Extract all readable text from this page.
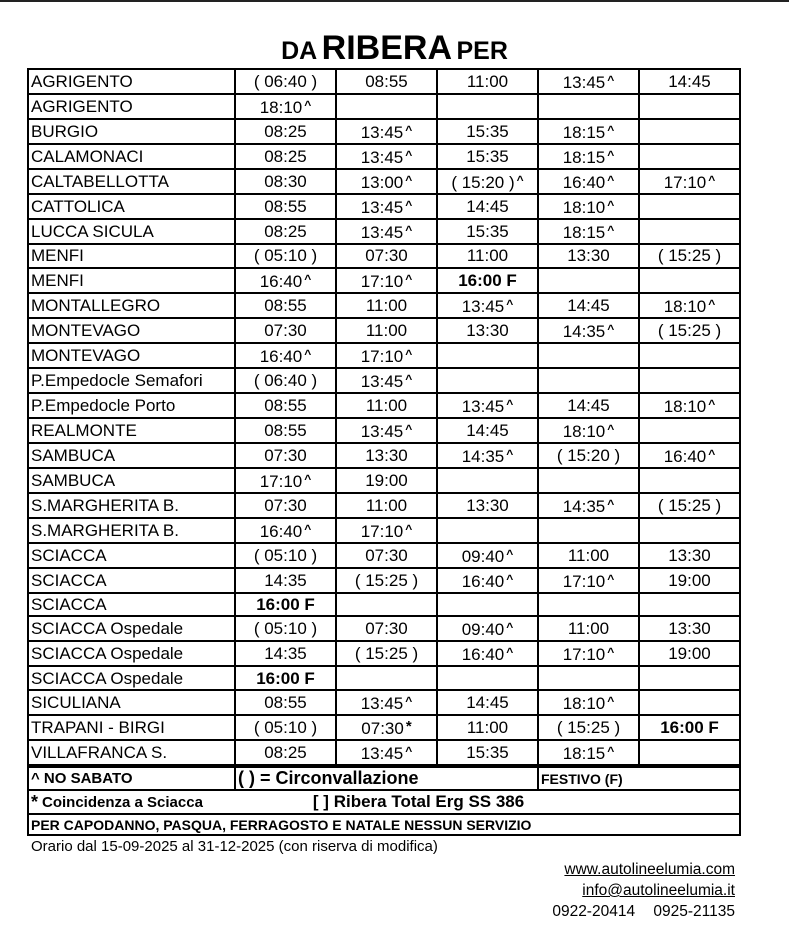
DA RIBERA PER
AGRIGENTO	( 06:40 )	08:55	11:00	13:45 ^	14:45
AGRIGENTO	18:10 ^				
BURGIO	08:25	13:45 ^	15:35	18:15 ^	
CALAMONACI	08:25	13:45 ^	15:35	18:15 ^	
CALTABELLOTTA	08:30	13:00 ^	( 15:20 ) ^	16:40 ^	17:10 ^
CATTOLICA	08:55	13:45 ^	14:45	18:10 ^	
LUCCA SICULA	08:25	13:45 ^	15:35	18:15 ^	
MENFI	( 05:10 )	07:30	11:00	13:30	( 15:25 )
MENFI	16:40 ^	17:10 ^	16:00 F		
MONTALLEGRO	08:55	11:00	13:45 ^	14:45	18:10 ^
MONTEVAGO	07:30	11:00	13:30	14:35 ^	( 15:25 )
MONTEVAGO	16:40 ^	17:10 ^			
P.Empedocle Semafori	( 06:40 )	13:45 ^			
P.Empedocle Porto	08:55	11:00	13:45 ^	14:45	18:10 ^
REALMONTE	08:55	13:45 ^	14:45	18:10 ^	
SAMBUCA	07:30	13:30	14:35 ^	( 15:20 )	16:40 ^
SAMBUCA	17:10 ^	19:00			
S.MARGHERITA B.	07:30	11:00	13:30	14:35 ^	( 15:25 )
S.MARGHERITA B.	16:40 ^	17:10 ^			
SCIACCA	( 05:10 )	07:30	09:40 ^	11:00	13:30
SCIACCA	14:35	( 15:25 )	16:40 ^	17:10 ^	19:00
SCIACCA	16:00 F				
SCIACCA Ospedale	( 05:10 )	07:30	09:40 ^	11:00	13:30
SCIACCA Ospedale	14:35	( 15:25 )	16:40 ^	17:10 ^	19:00
SCIACCA Ospedale	16:00 F				
SICULIANA	08:55	13:45 ^	14:45	18:10 ^	
TRAPANI - BIRGI	( 05:10 )	07:30 *	11:00	( 15:25 )	16:00 F
VILLAFRANCA S.	08:25	13:45 ^	15:35	18:15 ^	
^ NO SABATO	( ) = Circonvallazione	FESTIVO (F)

* Coincidenza a Sciacca	[ ] Ribera Total Erg SS 386

PER CAPODANNO, PASQUA, FERRAGOSTO E NATALE NESSUN SERVIZIO
Orario dal 15-09-2025 al 31-12-2025 (con riserva di modifica)
www.autolineelumia.com
info@autolineelumia.it
0922-20414 0925-21135
